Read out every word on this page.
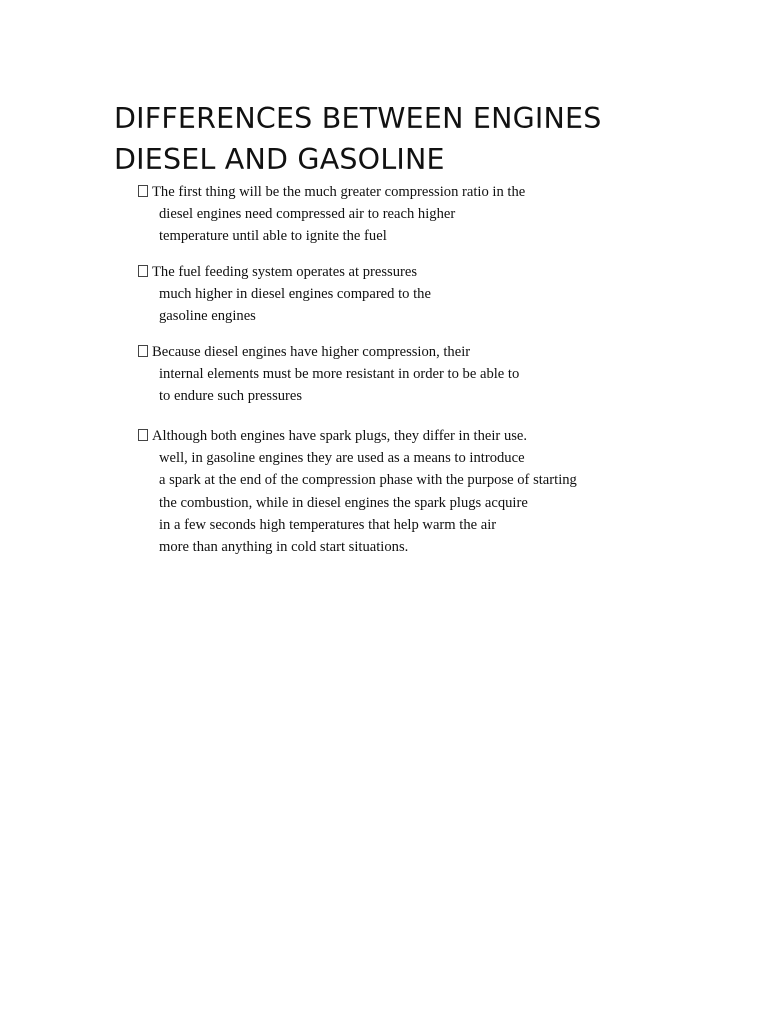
DIFFERENCES BETWEEN ENGINES
DIESEL AND GASOLINE
The first thing will be the much greater compression ratio in the
diesel engines need compressed air to reach higher
temperature until able to ignite the fuel
The fuel feeding system operates at pressures
much higher in diesel engines compared to the
gasoline engines
Because diesel engines have higher compression, their
internal elements must be more resistant in order to be able to
to endure such pressures
Although both engines have spark plugs, they differ in their use.
well, in gasoline engines they are used as a means to introduce
a spark at the end of the compression phase with the purpose of starting
the combustion, while in diesel engines the spark plugs acquire
in a few seconds high temperatures that help warm the air
more than anything in cold start situations.
